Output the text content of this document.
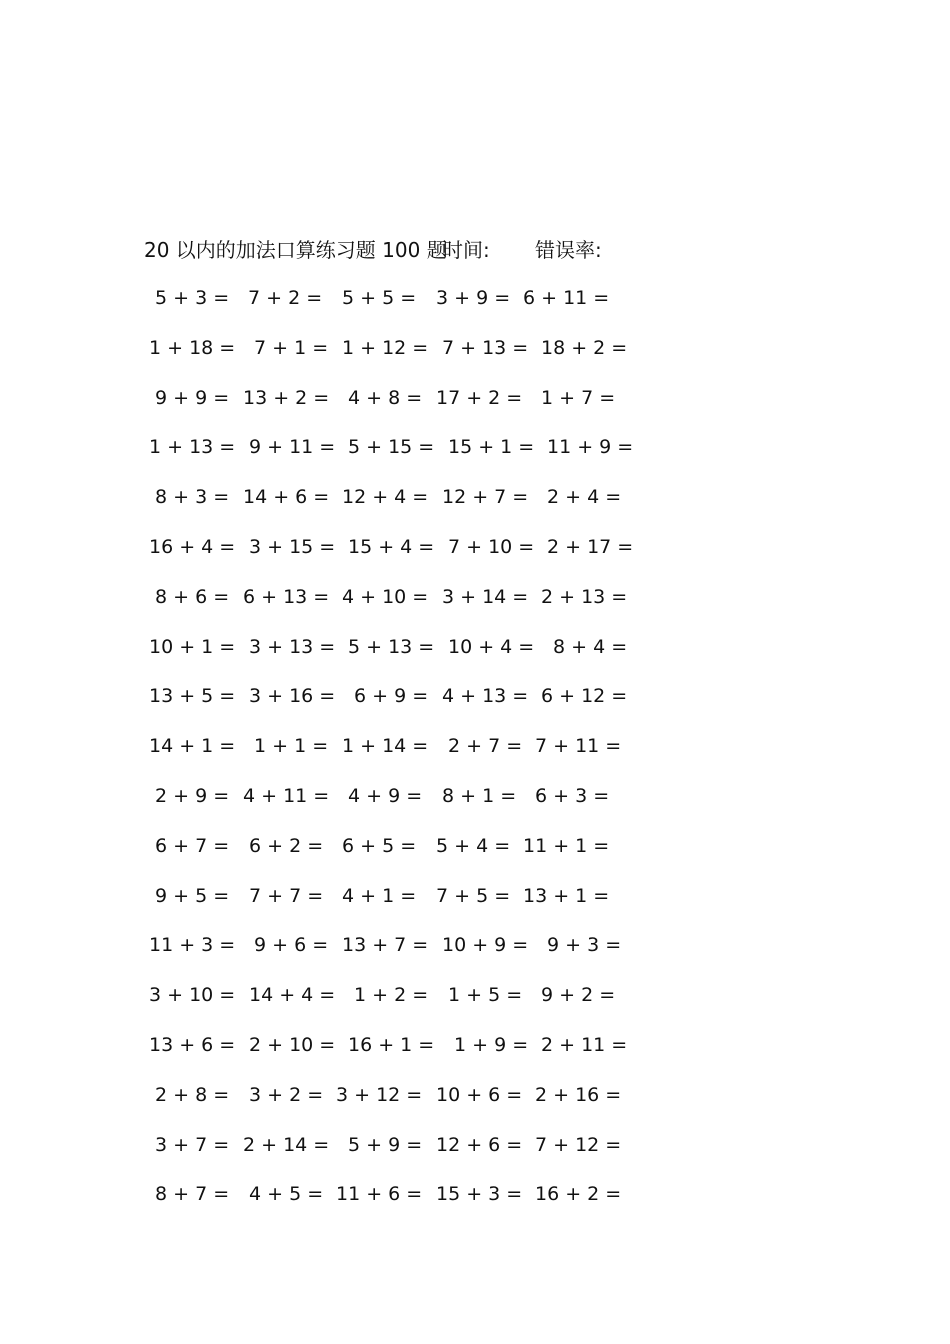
20 以内的加法口算练习题 100 题
时间: 错误率:
5 + 3 = 7 + 2 = 5 + 5 = 3 + 9 = 6 + 11 =
1 + 18 = 7 + 1 = 1 + 12 = 7 + 13 = 18 + 2 =
9 + 9 = 13 + 2 = 4 + 8 = 17 + 2 = 1 + 7 =
1 + 13 = 9 + 11 = 5 + 15 = 15 + 1 = 11 + 9 =
8 + 3 = 14 + 6 = 12 + 4 = 12 + 7 = 2 + 4 =
16 + 4 = 3 + 15 = 15 + 4 = 7 + 10 = 2 + 17 =
8 + 6 = 6 + 13 = 4 + 10 = 3 + 14 = 2 + 13 =
10 + 1 = 3 + 13 = 5 + 13 = 10 + 4 = 8 + 4 =
13 + 5 = 3 + 16 = 6 + 9 = 4 + 13 = 6 + 12 =
14 + 1 = 1 + 1 = 1 + 14 = 2 + 7 = 7 + 11 =
2 + 9 = 4 + 11 = 4 + 9 = 8 + 1 = 6 + 3 =
6 + 7 = 6 + 2 = 6 + 5 = 5 + 4 = 11 + 1 =
9 + 5 = 7 + 7 = 4 + 1 = 7 + 5 = 13 + 1 =
11 + 3 = 9 + 6 = 13 + 7 = 10 + 9 = 9 + 3 =
3 + 10 = 14 + 4 = 1 + 2 = 1 + 5 = 9 + 2 =
13 + 6 = 2 + 10 = 16 + 1 = 1 + 9 = 2 + 11 =
2 + 8 = 3 + 2 = 3 + 12 = 10 + 6 = 2 + 16 =
3 + 7 = 2 + 14 = 5 + 9 = 12 + 6 = 7 + 12 =
8 + 7 = 4 + 5 = 11 + 6 = 15 + 3 = 16 + 2 =
